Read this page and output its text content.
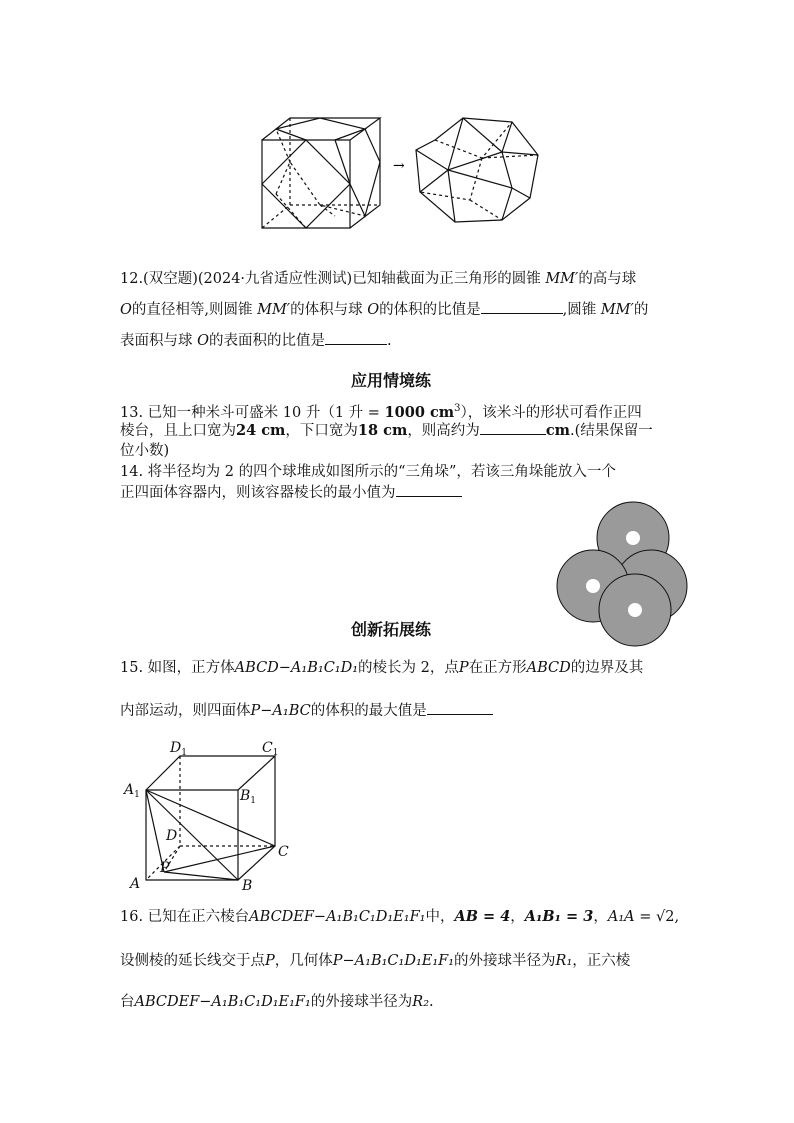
→
12.(双空题)(2024·九省适应性测试)已知轴截面为正三角形的圆锥 MM′的高与球
O的直径相等,则圆锥 MM′的体积与球 O的体积的比值是	,圆锥 MM′的
表面积与球 O的表面积的比值是	.
应用情境练
13. 已知一种米斗可盛米 10 升（1 升 = 1000 $cm^3$），该米斗的形状可看作正四
棱台，且上口宽为24 cm，下口宽为18 cm，则高约为	cm.(结果保留一
位小数)
14. 将半径均为 2 的四个球堆成如图所示的“三角垛”，若该三角垛能放入一个
正四面体容器内，则该容器棱长的最小值为
创新拓展练
15. 如图，正方体ABCD−A₁B₁C₁D₁的棱长为 2，点P在正方形ABCD的边界及其
内部运动，则四面体P−A₁BC的体积的最大值是
$D_1$	$C_1$
$A_1$	$B_1$
D
C
A
P
B
16. 已知在正六棱台ABCDEF−A₁B₁C₁D₁E₁F₁中，AB = 4，A₁B₁ = 3，A₁A = √2,
设侧棱的延长线交于点P，几何体P−A₁B₁C₁D₁E₁F₁的外接球半径为R₁，正六棱
台ABCDEF−A₁B₁C₁D₁E₁F₁的外接球半径为R₂.
